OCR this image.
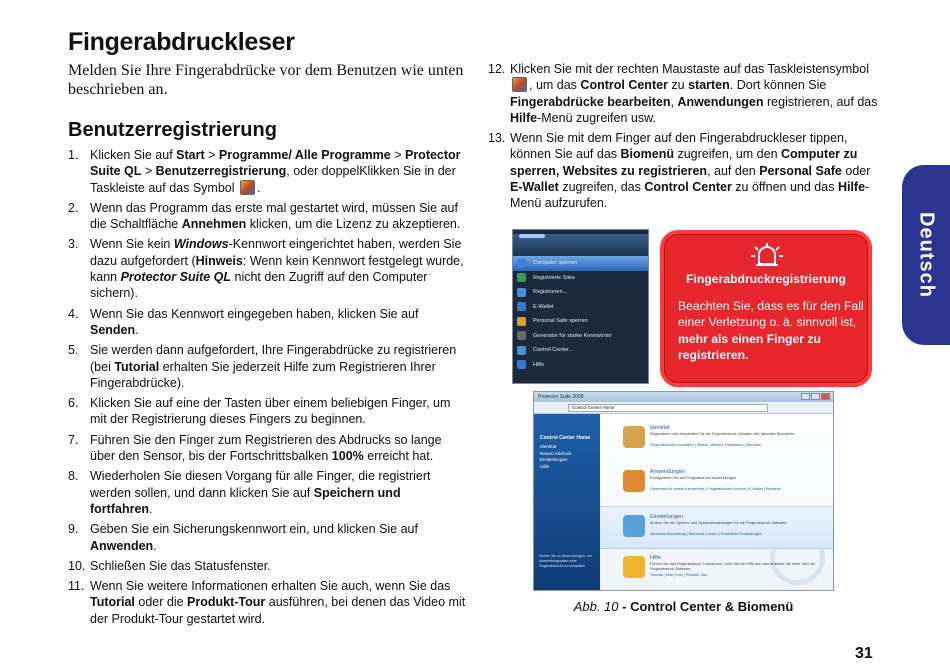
Fingerabdruckleser

Melden Sie Ihre Fingerabdrücke vor dem Benutzen wie unten beschrieben an.

Benutzerregistrierung
1. Klicken Sie auf Start > Programme/ Alle Programme > Protector Suite QL > Benutzerregistrierung, oder doppelKlikken Sie in der Taskleiste auf das Symbol .
2. Wenn das Programm das erste mal gestartet wird, müssen Sie auf die Schaltfläche Annehmen klicken, um die Lizenz zu akzeptieren.
3. Wenn Sie kein Windows-Kennwort eingerichtet haben, werden Sie dazu aufgefordert (Hinweis: Wenn kein Kennwort festgelegt wurde, kann Protector Suite QL nicht den Zugriff auf den Computer sichern).
4. Wenn Sie das Kennwort eingegeben haben, klicken Sie auf Senden.
5. Sie werden dann aufgefordert, Ihre Fingerabdrücke zu registrieren (bei Tutorial erhalten Sie jederzeit Hilfe zum Registrieren Ihrer Fingerabdrücke).
6. Klicken Sie auf eine der Tasten über einem beliebigen Finger, um mit der Registrierung dieses Fingers zu beginnen.
7. Führen Sie den Finger zum Registrieren des Abdrucks so lange über den Sensor, bis der Fortschrittsbalken 100% erreicht hat.
8. Wiederholen Sie diesen Vorgang für alle Finger, die registriert werden sollen, und dann klicken Sie auf Speichern und fortfahren.
9. Geben Sie ein Sicherungskennwort ein, und klicken Sie auf Anwenden.
10. Schließen Sie das Statusfenster.
11. Wenn Sie weitere Informationen erhalten Sie auch, wenn Sie das Tutorial oder die Produkt-Tour ausführen, bei denen das Video mit der Produkt-Tour gestartet wird.
12. Klicken Sie mit der rechten Maustaste auf das Taskleistensymbol , um das Control Center zu starten. Dort können Sie Fingerabdrücke bearbeiten, Anwendungen registrieren, auf das Hilfe-Menü zugreifen usw.
13. Wenn Sie mit dem Finger auf den Fingerabdruckleser tippen, können Sie auf das Biomenü zugreifen, um den Computer zu sperren, Websites zu registrieren, auf den Personal Safe oder E-Wallet zugreifen, das Control Center zu öffnen und das Hilfe-Menü aufzurufen.
Deutsch
Computer sperren
Registrierte Sites
Registrieren...
E-Wallet
Personal Safe sperren
Generator für starke Kennwörter
Control Center...
Hilfe
Fingerabdruckregistrierung
Beachten Sie, dass es für den Fall einer Verletzung o. ä. sinnvoll ist, mehr als einen Finger zu registrieren.
Protector Suite 2009
Control Center Home
Control Center Home
Identität
Neuen Abdruck
Einstellungen
Hilfe
Ziehen Sie zu Anwendungen, um Anwendungsdaten eine Fingerabdrucks zu verwalten
Identität
Registrieren oder bearbeiten Sie die Fingerabdruck-Vorlagen des aktuellen Benutzers.
Fingerabdrücke verwalten | Status | Weitere Funktionen | Benutzer
Anwendungen
Konfigurieren Sie die Fingerabdruck-Anwendungen.
Generator für starke Kennwörter | Fingerabdruck-Archive | E-Wallet | Biomenü
Einstellungen
Ändern Sie die System- und Systemeinstellungen für die Fingerabdruck-Software.
Windows-Anmeldung | Biomenü | Lizenz | Erweiterte Einstellungen
Hilfe
Führen Sie das Fingerabdruck-Tutorial aus, rufen Sie die Hilfe auf oder erfahren Sie mehr über die Fingerabdruck-Software.
Tutorial | Hilfe | Info | Produkt-Tour
Abb. 10 - Control Center & Biomenü
31
